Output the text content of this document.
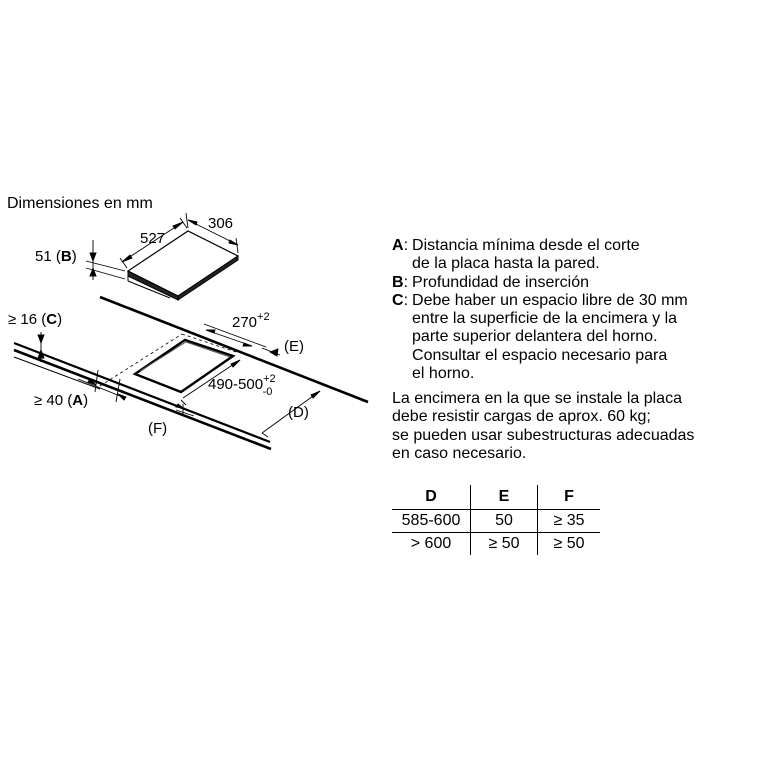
Dimensiones en mm
527
306
51 (B)
≥ 16 (C)	$270^{+2}$
(E)
$490-500^{+2}$ -0
≥ 40 (A)
(D)
(F)
A : Distancia mínima desde el corte
de la placa hasta la pared.
B : Profundidad de inserción
C : Debe haber un espacio libre de 30 mm
entre la superficie de la encimera y la
parte superior delantera del horno.
Consultar el espacio necesario para
el horno.
La encimera en la que se instale la placa
debe resistir cargas de aprox. 60 kg;
se pueden usar subestructuras adecuadas
en caso necesario.
D	E	F
585-600	50	≥ 35
> 600	≥ 50	≥ 50
